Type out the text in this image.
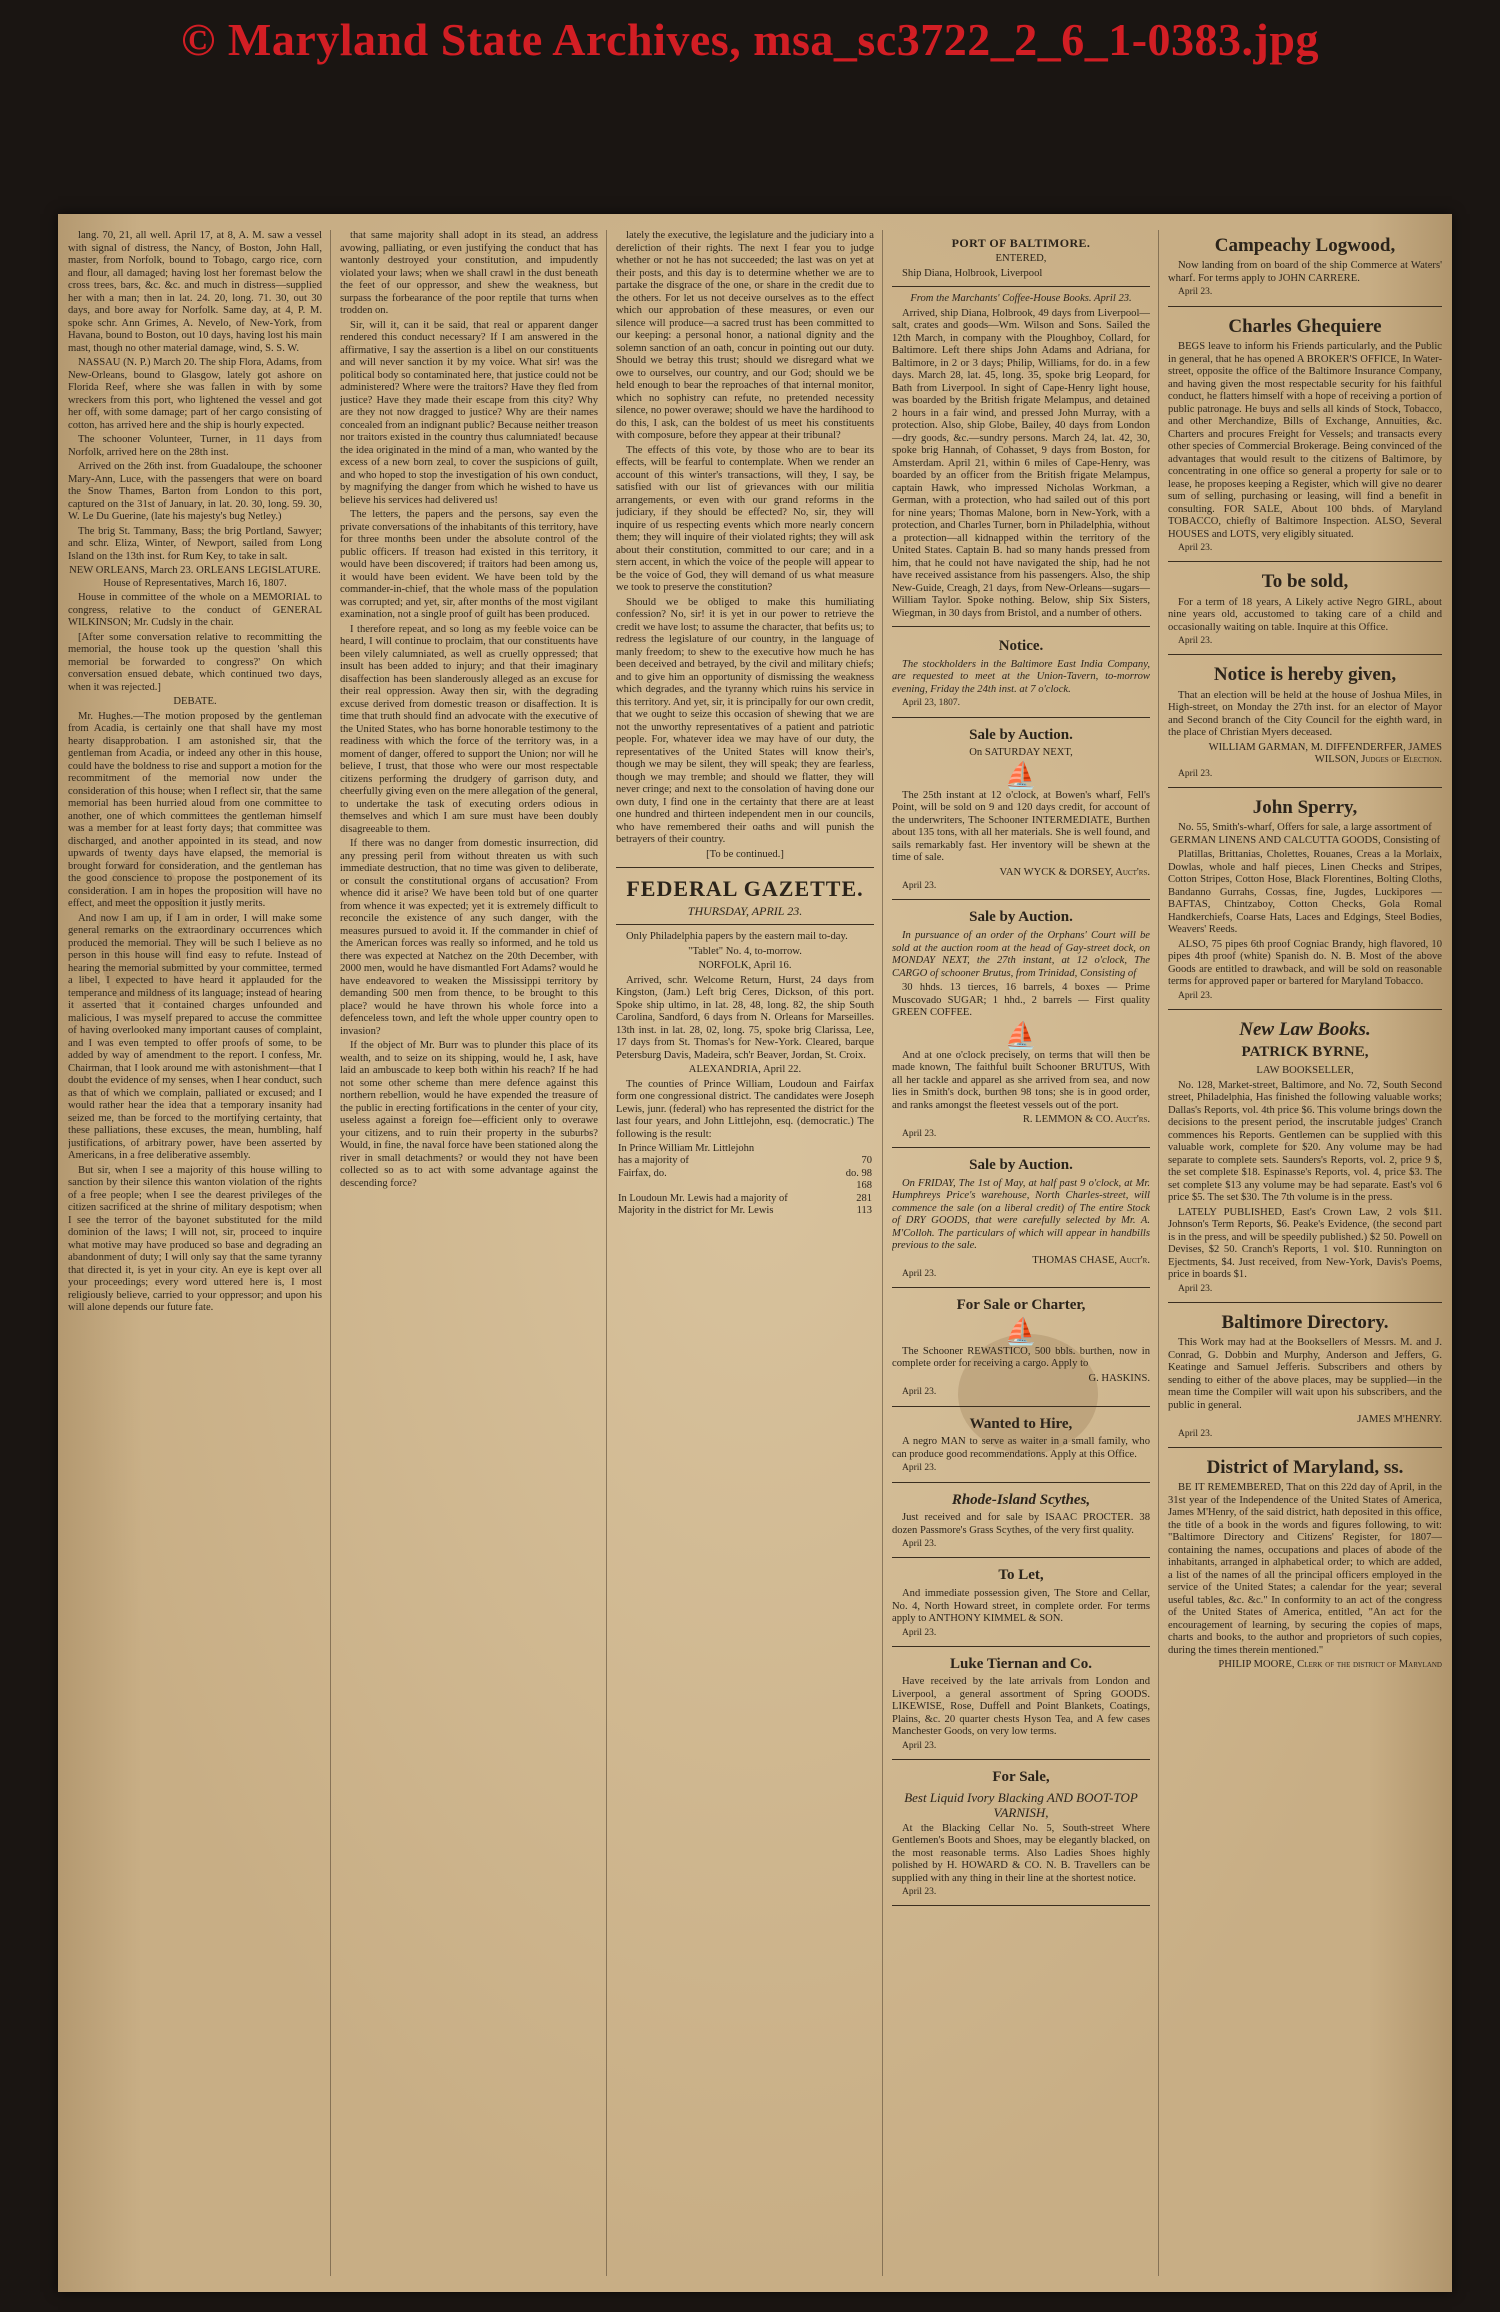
© Maryland State Archives, msa_sc3722_2_6_1-0383.jpg

lang. 70, 21, all well. April 17, at 8, A. M. saw a vessel with signal of distress, the Nancy, of Boston, John Hall, master, from Norfolk, bound to Tobago, cargo rice, corn and flour, all damaged; having lost her foremast below the cross trees, bars, &c. &c. and much in distress—supplied her with a man; then in lat. 24. 20, long. 71. 30, out 30 days, and bore away for Norfolk. Same day, at 4, P. M. spoke schr. Ann Grimes, A. Nevelo, of New-York, from Havana, bound to Boston, out 10 days, having lost his main mast, though no other material damage, wind, S. S. W.

NASSAU (N. P.) March 20. The ship Flora, Adams, from New-Orleans, bound to Glasgow, lately got ashore on Florida Reef, where she was fallen in with by some wreckers from this port, who lightened the vessel and got her off, with some damage; part of her cargo consisting of cotton, has arrived here and the ship is hourly expected.

The schooner Volunteer, Turner, in 11 days from Norfolk, arrived here on the 28th inst.

Arrived on the 26th inst. from Guadaloupe, the schooner Mary-Ann, Luce, with the passengers that were on board the Snow Thames, Barton from London to this port, captured on the 31st of January, in lat. 20. 30, long. 59. 30, W. Le Du Guerine, (late his majesty's bug Netley.)

The brig St. Tammany, Bass; the brig Portland, Sawyer; and schr. Eliza, Winter, of Newport, sailed from Long Island on the 13th inst. for Rum Key, to take in salt.

NEW ORLEANS, March 23. ORLEANS LEGISLATURE. House of Representatives, March 16, 1807.

House in committee of the whole on a MEMORIAL to congress, relative to the conduct of GENERAL WILKINSON; Mr. Cudsly in the chair.

[After some conversation relative to recommitting the memorial, the house took up the question 'shall this memorial be forwarded to congress?' On which conversation ensued debate, which continued two days, when it was rejected.]

DEBATE.

Mr. Hughes.—The motion proposed by the gentleman from Acadia, is certainly one that shall have my most hearty disapprobation. I am astonished sir, that the gentleman from Acadia, or indeed any other in this house, could have the boldness to rise and support a motion for the recommitment of the memorial now under the consideration of this house; when I reflect sir, that the same memorial has been hurried aloud from one committee to another, one of which committees the gentleman himself was a member for at least forty days; that committee was discharged, and another appointed in its stead, and now upwards of twenty days have elapsed, the memorial is brought forward for consideration, and the gentleman has the good conscience to propose the postponement of its consideration. I am in hopes the proposition will have no effect, and meet the opposition it justly merits.

And now I am up, if I am in order, I will make some general remarks on the extraordinary occurrences which produced the memorial. They will be such I believe as no person in this house will find easy to refute. Instead of hearing the memorial submitted by your committee, termed a libel, I expected to have heard it applauded for the temperance and mildness of its language; instead of hearing it asserted that it contained charges unfounded and malicious, I was myself prepared to accuse the committee of having overlooked many important causes of complaint, and I was even tempted to offer proofs of some, to be added by way of amendment to the report. I confess, Mr. Chairman, that I look around me with astonishment—that I doubt the evidence of my senses, when I hear conduct, such as that of which we complain, palliated or excused; and I would rather hear the idea that a temporary insanity had seized me, than be forced to the mortifying certainty, that these palliations, these excuses, the mean, humbling, half justifications, of arbitrary power, have been asserted by Americans, in a free deliberative assembly.

But sir, when I see a majority of this house willing to sanction by their silence this wanton violation of the rights of a free people; when I see the dearest privileges of the citizen sacrificed at the shrine of military despotism; when I see the terror of the bayonet substituted for the mild dominion of the laws; I will not, sir, proceed to inquire what motive may have produced so base and degrading an abandonment of duty; I will only say that the same tyranny that directed it, is yet in your city. An eye is kept over all your proceedings; every word uttered here is, I most religiously believe, carried to your oppressor; and upon his will alone depends our future fate.

that same majority shall adopt in its stead, an address avowing, palliating, or even justifying the conduct that has wantonly destroyed your constitution, and impudently violated your laws; when we shall crawl in the dust beneath the feet of our oppressor, and shew the weakness, but surpass the forbearance of the poor reptile that turns when trodden on.

Sir, will it, can it be said, that real or apparent danger rendered this conduct necessary? If I am answered in the affirmative, I say the assertion is a libel on our constituents and will never sanction it by my voice. What sir! was the political body so contaminated here, that justice could not be administered? Where were the traitors? Have they fled from justice? Have they made their escape from this city? Why are they not now dragged to justice? Why are their names concealed from an indignant public? Because neither treason nor traitors existed in the country thus calumniated! because the idea originated in the mind of a man, who wanted by the excess of a new born zeal, to cover the suspicions of guilt, and who hoped to stop the investigation of his own conduct, by magnifying the danger from which he wished to have us believe his services had delivered us!

The letters, the papers and the persons, say even the private conversations of the inhabitants of this territory, have for three months been under the absolute control of the public officers. If treason had existed in this territory, it would have been discovered; if traitors had been among us, it would have been evident. We have been told by the commander-in-chief, that the whole mass of the population was corrupted; and yet, sir, after months of the most vigilant examination, not a single proof of guilt has been produced.

I therefore repeat, and so long as my feeble voice can be heard, I will continue to proclaim, that our constituents have been vilely calumniated, as well as cruelly oppressed; that insult has been added to injury; and that their imaginary disaffection has been slanderously alleged as an excuse for their real oppression. Away then sir, with the degrading excuse derived from domestic treason or disaffection. It is time that truth should find an advocate with the executive of the United States, who has borne honorable testimony to the readiness with which the force of the territory was, in a moment of danger, offered to support the Union; nor will he believe, I trust, that those who were our most respectable citizens performing the drudgery of garrison duty, and cheerfully giving even on the mere allegation of the general, to undertake the task of executing orders odious in themselves and which I am sure must have been doubly disagreeable to them.

If there was no danger from domestic insurrection, did any pressing peril from without threaten us with such immediate destruction, that no time was given to deliberate, or consult the constitutional organs of accusation? From whence did it arise? We have been told but of one quarter from whence it was expected; yet it is extremely difficult to reconcile the existence of any such danger, with the measures pursued to avoid it. If the commander in chief of the American forces was really so informed, and he told us there was expected at Natchez on the 20th December, with 2000 men, would he have dismantled Fort Adams? would he have endeavored to weaken the Mississippi territory by demanding 500 men from thence, to be brought to this place? would he have thrown his whole force into a defenceless town, and left the whole upper country open to invasion?

If the object of Mr. Burr was to plunder this place of its wealth, and to seize on its shipping, would he, I ask, have laid an ambuscade to keep both within his reach? If he had not some other scheme than mere defence against this northern rebellion, would he have expended the treasure of the public in erecting fortifications in the center of your city, useless against a foreign foe—efficient only to overawe your citizens, and to ruin their property in the suburbs? Would, in fine, the naval force have been stationed along the river in small detachments? or would they not have been collected so as to act with some advantage against the descending force?

lately the executive, the legislature and the judiciary into a dereliction of their rights. The next I fear you to judge whether or not he has not succeeded; the last was on yet at their posts, and this day is to determine whether we are to partake the disgrace of the one, or share in the credit due to the others. For let us not deceive ourselves as to the effect which our approbation of these measures, or even our silence will produce—a sacred trust has been committed to our keeping: a personal honor, a national dignity and the solemn sanction of an oath, concur in pointing out our duty. Should we betray this trust; should we disregard what we owe to ourselves, our country, and our God; should we be held enough to bear the reproaches of that internal monitor, which no sophistry can refute, no pretended necessity silence, no power overawe; should we have the hardihood to do this, I ask, can the boldest of us meet his constituents with composure, before they appear at their tribunal?

The effects of this vote, by those who are to bear its effects, will be fearful to contemplate. When we render an account of this winter's transactions, will they, I say, be satisfied with our list of grievances with our militia arrangements, or even with our grand reforms in the judiciary, if they should be effected? No, sir, they will inquire of us respecting events which more nearly concern them; they will inquire of their violated rights; they will ask about their constitution, committed to our care; and in a stern accent, in which the voice of the people will appear to be the voice of God, they will demand of us what measure we took to preserve the constitution?

Should we be obliged to make this humiliating confession? No, sir! it is yet in our power to retrieve the credit we have lost; to assume the character, that befits us; to redress the legislature of our country, in the language of manly freedom; to shew to the executive how much he has been deceived and betrayed, by the civil and military chiefs; and to give him an opportunity of dismissing the weakness which degrades, and the tyranny which ruins his service in this territory. And yet, sir, it is principally for our own credit, that we ought to seize this occasion of shewing that we are not the unworthy representatives of a patient and patriotic people. For, whatever idea we may have of our duty, the representatives of the United States will know their's, though we may be silent, they will speak; they are fearless, though we may tremble; and should we flatter, they will never cringe; and next to the consolation of having done our own duty, I find one in the certainty that there are at least one hundred and thirteen independent men in our councils, who have remembered their oaths and will punish the betrayers of their country.

[To be continued.]

FEDERAL GAZETTE.
THURSDAY, APRIL 23.

Only Philadelphia papers by the eastern mail to-day.

"Tablet" No. 4, to-morrow.

NORFOLK, April 16.

Arrived, schr. Welcome Return, Hurst, 24 days from Kingston, (Jam.) Left brig Ceres, Dickson, of this port. Spoke ship ultimo, in lat. 28, 48, long. 82, the ship South Carolina, Sandford, 6 days from N. Orleans for Marseilles. 13th inst. in lat. 28, 02, long. 75, spoke brig Clarissa, Lee, 17 days from St. Thomas's for New-York. Cleared, barque Petersburg Davis, Madeira, sch'r Beaver, Jordan, St. Croix.

ALEXANDRIA, April 22.

The counties of Prince William, Loudoun and Fairfax form one congressional district. The candidates were Joseph Lewis, junr. (federal) who has represented the district for the last four years, and John Littlejohn, esq. (democratic.) The following is the result:

In Prince William Mr. Littlejohn	
has a majority of	70
Fairfax, do.	do. 98
	168
In Loudoun Mr. Lewis had a majority of	281
Majority in the district for Mr. Lewis	113
PORT OF BALTIMORE.

ENTERED,

Ship Diana, Holbrook, Liverpool

From the Marchants' Coffee-House Books. April 23.

Arrived, ship Diana, Holbrook, 49 days from Liverpool—salt, crates and goods—Wm. Wilson and Sons. Sailed the 12th March, in company with the Ploughboy, Collard, for Baltimore. Left there ships John Adams and Adriana, for Baltimore, in 2 or 3 days; Philip, Williams, for do. in a few days. March 28, lat. 45, long. 35, spoke brig Leopard, for Bath from Liverpool. In sight of Cape-Henry light house, was boarded by the British frigate Melampus, and detained 2 hours in a fair wind, and pressed John Murray, with a protection. Also, ship Globe, Bailey, 40 days from London—dry goods, &c.—sundry persons. March 24, lat. 42, 30, spoke brig Hannah, of Cohasset, 9 days from Boston, for Amsterdam. April 21, within 6 miles of Cape-Henry, was boarded by an officer from the British frigate Melampus, captain Hawk, who impressed Nicholas Workman, a German, with a protection, who had sailed out of this port for nine years; Thomas Malone, born in New-York, with a protection, and Charles Turner, born in Philadelphia, without a protection—all kidnapped within the territory of the United States. Captain B. had so many hands pressed from him, that he could not have navigated the ship, had he not have received assistance from his passengers. Also, the ship New-Guide, Creagh, 21 days, from New-Orleans—sugars—William Taylor. Spoke nothing. Below, ship Six Sisters, Wiegman, in 30 days from Bristol, and a number of others.

Notice.

The stockholders in the Baltimore East India Company, are requested to meet at the Union-Tavern, to-morrow evening, Friday the 24th inst. at 7 o'clock.

April 23, 1807.

Sale by Auction.

On SATURDAY NEXT,

⛵

The 25th instant at 12 o'clock, at Bowen's wharf, Fell's Point, will be sold on 9 and 120 days credit, for account of the underwriters, The Schooner INTERMEDIATE, Burthen about 135 tons, with all her materials. She is well found, and sails remarkably fast. Her inventory will be shewn at the time of sale.

VAN WYCK & DORSEY, Auct'rs.

April 23.

Sale by Auction.

In pursuance of an order of the Orphans' Court will be sold at the auction room at the head of Gay-street dock, on MONDAY NEXT, the 27th instant, at 12 o'clock, The CARGO of schooner Brutus, from Trinidad, Consisting of

30 hhds. 13 tierces, 16 barrels, 4 boxes — Prime Muscovado SUGAR; 1 hhd., 2 barrels — First quality GREEN COFFEE.

⛵

And at one o'clock precisely, on terms that will then be made known, The faithful built Schooner BRUTUS, With all her tackle and apparel as she arrived from sea, and now lies in Smith's dock, burthen 98 tons; she is in good order, and ranks amongst the fleetest vessels out of the port.

R. LEMMON & CO. Auct'rs.

April 23.

Sale by Auction.

On FRIDAY, The 1st of May, at half past 9 o'clock, at Mr. Humphreys Price's warehouse, North Charles-street, will commence the sale (on a liberal credit) of The entire Stock of DRY GOODS, that were carefully selected by Mr. A. M'Colloh. The particulars of which will appear in handbills previous to the sale.

THOMAS CHASE, Auct'r.

April 23.

For Sale or Charter,
⛵

The Schooner REWASTICO, 500 bbls. burthen, now in complete order for receiving a cargo. Apply to

G. HASKINS.

April 23.

Wanted to Hire,

A negro MAN to serve as waiter in a small family, who can produce good recommendations. Apply at this Office.

April 23.

Rhode-Island Scythes,

Just received and for sale by ISAAC PROCTER. 38 dozen Passmore's Grass Scythes, of the very first quality.

April 23.

To Let,

And immediate possession given, The Store and Cellar, No. 4, North Howard street, in complete order. For terms apply to ANTHONY KIMMEL & SON.

April 23.

Luke Tiernan and Co.

Have received by the late arrivals from London and Liverpool, a general assortment of Spring GOODS. LIKEWISE, Rose, Duffell and Point Blankets, Coatings, Plains, &c. 20 quarter chests Hyson Tea, and A few cases Manchester Goods, on very low terms.

April 23.

For Sale,

Best Liquid Ivory Blacking AND BOOT-TOP VARNISH,

At the Blacking Cellar No. 5, South-street Where Gentlemen's Boots and Shoes, may be elegantly blacked, on the most reasonable terms. Also Ladies Shoes highly polished by H. HOWARD & CO. N. B. Travellers can be supplied with any thing in their line at the shortest notice.

April 23.

Campeachy Logwood,

Now landing from on board of the ship Commerce at Waters' wharf. For terms apply to JOHN CARRERE.

April 23.

Charles Ghequiere

BEGS leave to inform his Friends particularly, and the Public in general, that he has opened A BROKER'S OFFICE, In Water-street, opposite the office of the Baltimore Insurance Company, and having given the most respectable security for his faithful conduct, he flatters himself with a hope of receiving a portion of public patronage. He buys and sells all kinds of Stock, Tobacco, and other Merchandize, Bills of Exchange, Annuities, &c. Charters and procures Freight for Vessels; and transacts every other species of Commercial Brokerage. Being convinced of the advantages that would result to the citizens of Baltimore, by concentrating in one office so general a property for sale or to lease, he proposes keeping a Register, which will give no dearer sum of selling, purchasing or leasing, will find a benefit in consulting. FOR SALE, About 100 bhds. of Maryland TOBACCO, chiefly of Baltimore Inspection. ALSO, Several HOUSES and LOTS, very eligibly situated.

April 23.

To be sold,

For a term of 18 years, A Likely active Negro GIRL, about nine years old, accustomed to taking care of a child and occasionally waiting on table. Inquire at this Office.

April 23.

Notice is hereby given,

That an election will be held at the house of Joshua Miles, in High-street, on Monday the 27th inst. for an elector of Mayor and Second branch of the City Council for the eighth ward, in the place of Christian Myers deceased.

WILLIAM GARMAN, M. DIFFENDERFER, JAMES WILSON, Judges of Election.

April 23.

John Sperry,

No. 55, Smith's-wharf, Offers for sale, a large assortment of GERMAN LINENS AND CALCUTTA GOODS, Consisting of

Platillas, Brittanias, Cholettes, Rouanes, Creas a la Morlaix, Dowlas, whole and half pieces, Linen Checks and Stripes, Cotton Stripes, Cotton Hose, Black Florentines, Bolting Cloths, Bandanno Gurrahs, Cossas, fine, Jugdes, Luckipores — BAFTAS, Chintzaboy, Cotton Checks, Gola Romal Handkerchiefs, Coarse Hats, Laces and Edgings, Steel Bodies, Weavers' Reeds.

ALSO, 75 pipes 6th proof Cogniac Brandy, high flavored, 10 pipes 4th proof (white) Spanish do. N. B. Most of the above Goods are entitled to drawback, and will be sold on reasonable terms for approved paper or bartered for Maryland Tobacco.

April 23.

New Law Books.
PATRICK BYRNE,

LAW BOOKSELLER,

No. 128, Market-street, Baltimore, and No. 72, South Second street, Philadelphia, Has finished the following valuable works; Dallas's Reports, vol. 4th price $6. This volume brings down the decisions to the present period, the inscrutable judges' Cranch commences his Reports. Gentlemen can be supplied with this valuable work, complete for $20. Any volume may be had separate to complete sets. Saunders's Reports, vol. 2, price 9 $, the set complete $18. Espinasse's Reports, vol. 4, price $3. The set complete $13 any volume may be had separate. East's vol 6 price $5. The set $30. The 7th volume is in the press.

LATELY PUBLISHED, East's Crown Law, 2 vols $11. Johnson's Term Reports, $6. Peake's Evidence, (the second part is in the press, and will be speedily published.) $2 50. Powell on Devises, $2 50. Cranch's Reports, 1 vol. $10. Runnington on Ejectments, $4. Just received, from New-York, Davis's Poems, price in boards $1.

April 23.

Baltimore Directory.

This Work may had at the Booksellers of Messrs. M. and J. Conrad, G. Dobbin and Murphy, Anderson and Jeffers, G. Keatinge and Samuel Jefferis. Subscribers and others by sending to either of the above places, may be supplied—in the mean time the Compiler will wait upon his subscribers, and the public in general.

JAMES M'HENRY.

April 23.

District of Maryland, ss.

BE IT REMEMBERED, That on this 22d day of April, in the 31st year of the Independence of the United States of America, James M'Henry, of the said district, hath deposited in this office, the title of a book in the words and figures following, to wit: "Baltimore Directory and Citizens' Register, for 1807—containing the names, occupations and places of abode of the inhabitants, arranged in alphabetical order; to which are added, a list of the names of all the principal officers employed in the service of the United States; a calendar for the year; several useful tables, &c. &c." In conformity to an act of the congress of the United States of America, entitled, "An act for the encouragement of learning, by securing the copies of maps, charts and books, to the author and proprietors of such copies, during the times therein mentioned."

PHILIP MOORE, Clerk of the district of Maryland
